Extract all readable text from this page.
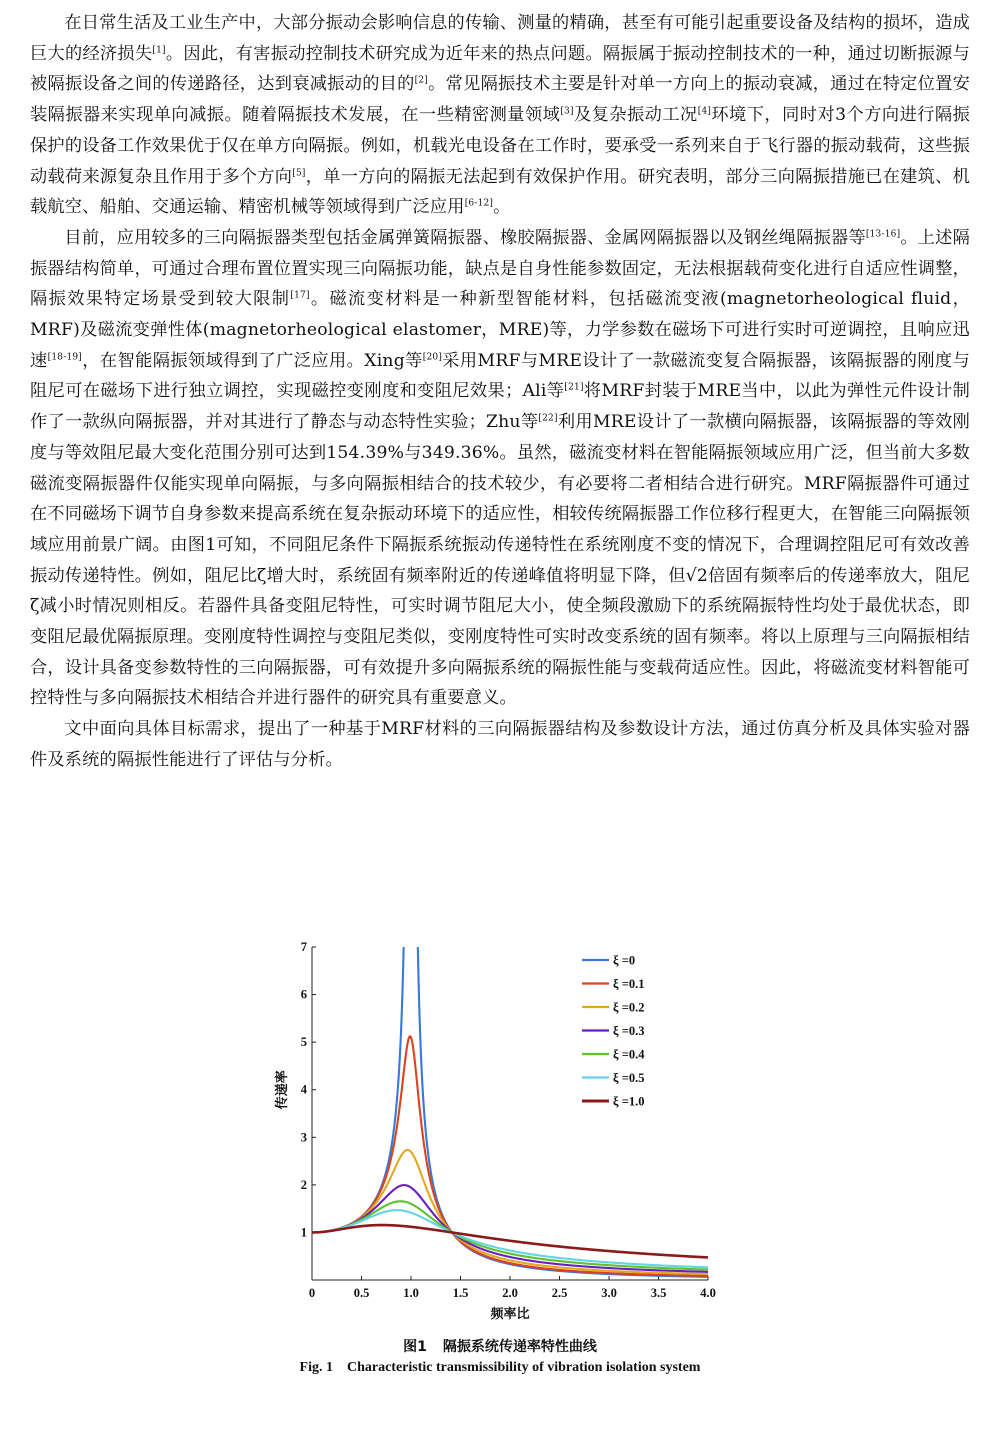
在日常生活及工业生产中，大部分振动会影响信息的传输、测量的精确，甚至有可能引起重要设备及结构的损坏，造成巨大的经济损失[1]。因此，有害振动控制技术研究成为近年来的热点问题。隔振属于振动控制技术的一种，通过切断振源与被隔振设备之间的传递路径，达到衰减振动的目的[2]。常见隔振技术主要是针对单一方向上的振动衰减，通过在特定位置安装隔振器来实现单向减振。随着隔振技术发展，在一些精密测量领域[3]及复杂振动工况[4]环境下，同时对3个方向进行隔振保护的设备工作效果优于仅在单方向隔振。例如，机载光电设备在工作时，要承受一系列来自于飞行器的振动载荷，这些振动载荷来源复杂且作用于多个方向[5]，单一方向的隔振无法起到有效保护作用。研究表明，部分三向隔振措施已在建筑、机载航空、船舶、交通运输、精密机械等领域得到广泛应用[6-12]。

目前，应用较多的三向隔振器类型包括金属弹簧隔振器、橡胶隔振器、金属网隔振器以及钢丝绳隔振器等[13-16]。上述隔振器结构简单，可通过合理布置位置实现三向隔振功能，缺点是自身性能参数固定，无法根据载荷变化进行自适应性调整，隔振效果特定场景受到较大限制[17]。磁流变材料是一种新型智能材料，包括磁流变液(magnetorheological fluid，MRF)及磁流变弹性体(magnetorheological elastomer，MRE)等，力学参数在磁场下可进行实时可逆调控，且响应迅速[18-19]，在智能隔振领域得到了广泛应用。Xing等[20]采用MRF与MRE设计了一款磁流变复合隔振器，该隔振器的刚度与阻尼可在磁场下进行独立调控，实现磁控变刚度和变阻尼效果；Ali等[21]将MRF封装于MRE当中，以此为弹性元件设计制作了一款纵向隔振器，并对其进行了静态与动态特性实验；Zhu等[22]利用MRE设计了一款横向隔振器，该隔振器的等效刚度与等效阻尼最大变化范围分别可达到154.39%与349.36%。虽然，磁流变材料在智能隔振领域应用广泛，但当前大多数磁流变隔振器件仅能实现单向隔振，与多向隔振相结合的技术较少，有必要将二者相结合进行研究。MRF隔振器件可通过在不同磁场下调节自身参数来提高系统在复杂振动环境下的适应性，相较传统隔振器工作位移行程更大，在智能三向隔振领域应用前景广阔。由图1可知，不同阻尼条件下隔振系统振动传递特性在系统刚度不变的情况下，合理调控阻尼可有效改善振动传递特性。例如，阻尼比ζ增大时，系统固有频率附近的传递峰值将明显下降，但√2倍固有频率后的传递率放大，阻尼ζ减小时情况则相反。若器件具备变阻尼特性，可实时调节阻尼大小，使全频段激励下的系统隔振特性均处于最优状态，即变阻尼最优隔振原理。变刚度特性调控与变阻尼类似，变刚度特性可实时改变系统的固有频率。将以上原理与三向隔振相结合，设计具备变参数特性的三向隔振器，可有效提升多向隔振系统的隔振性能与变载荷适应性。因此，将磁流变材料智能可控特性与多向隔振技术相结合并进行器件的研究具有重要意义。

文中面向具体目标需求，提出了一种基于MRF材料的三向隔振器结构及参数设计方法，通过仿真分析及具体实验对器件及系统的隔振性能进行了评估与分析。

0	0.5	1.0	1.5	2.0	2.5	3.0	3.5	4.0
1
2
3
4
5
6
7
频率比
传递率
ξ =0
ξ =0.1
ξ =0.2
ξ =0.3
ξ =0.4
ξ =0.5
ξ =1.0
图1 隔振系统传递率特性曲线
Fig. 1 Characteristic transmissibility of vibration isolation system
